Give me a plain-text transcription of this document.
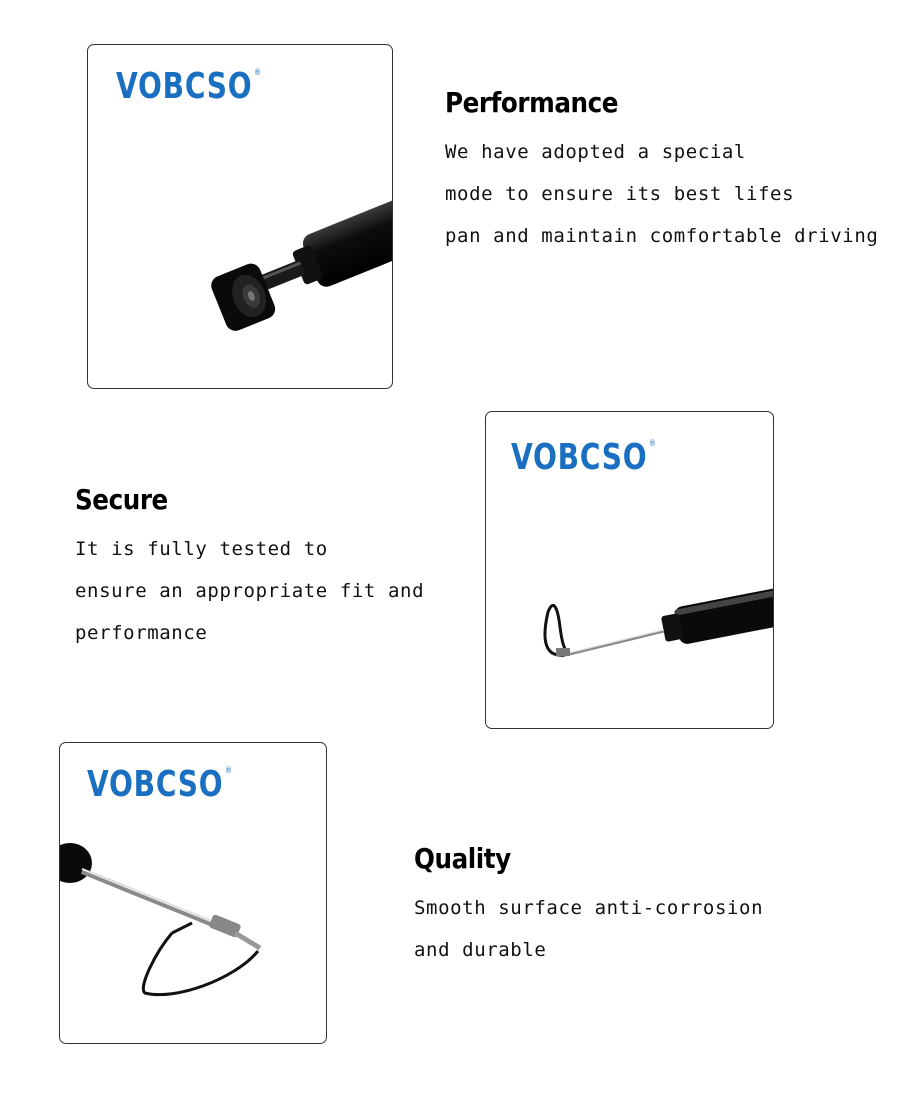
VOBCSO ®
Performance
We have adopted a special
mode to ensure its best lifes
pan and maintain comfortable driving
VOBCSO ®
Secure
It is fully tested to
ensure an appropriate fit and
performance
VOBCSO ®
Quality
Smooth surface anti-corrosion
and durable
